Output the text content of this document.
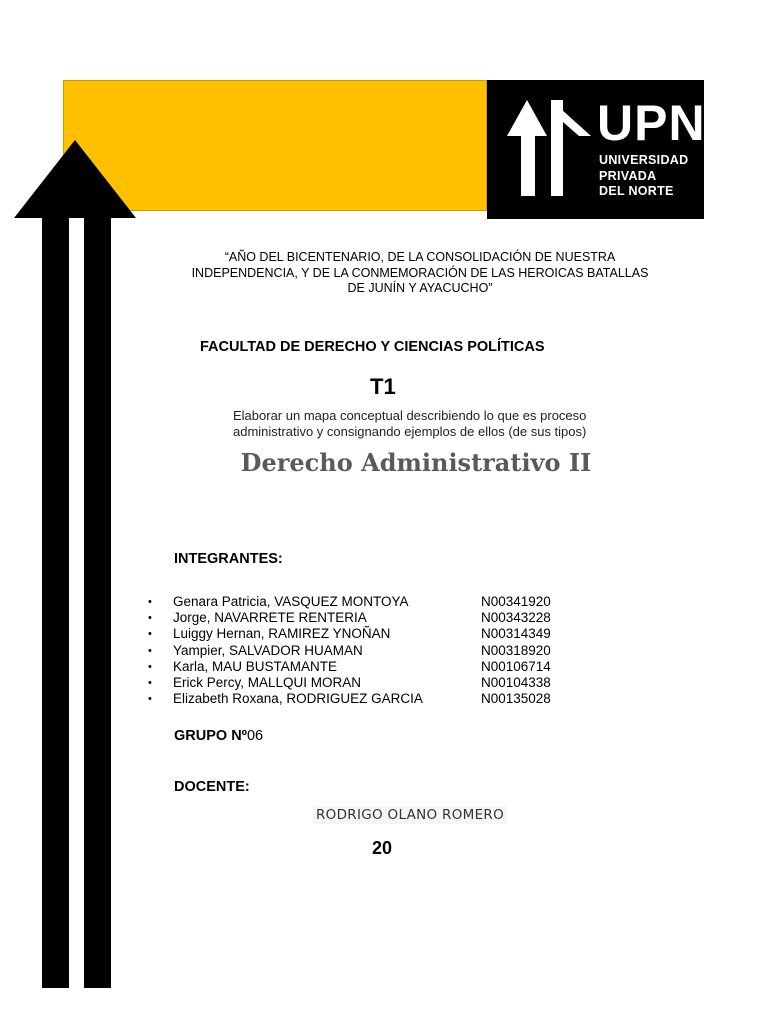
UPN
UNIVERSIDAD
PRIVADA
DEL NORTE
“AÑO DEL BICENTENARIO, DE LA CONSOLIDACIÓN DE NUESTRA
INDEPENDENCIA, Y DE LA CONMEMORACIÓN DE LAS HEROICAS BATALLAS
DE JUNÍN Y AYACUCHO”
FACULTAD DE DERECHO Y CIENCIAS POLÍTICAS
T1
Elaborar un mapa conceptual describiendo lo que es proceso
administrativo y consignando ejemplos de ellos (de sus tipos)
Derecho Administrativo II
INTEGRANTES:
• Genara Patricia, VASQUEZ MONTOYA	N00341920
• Jorge, NAVARRETE RENTERIA	N00343228
• Luiggy Hernan, RAMIREZ YNOÑAN	N00314349
• Yampier, SALVADOR HUAMAN	N00318920
• Karla, MAU BUSTAMANTE	N00106714
• Erick Percy, MALLQUI MORAN	N00104338
• Elizabeth Roxana, RODRIGUEZ GARCIA	N00135028
GRUPO Nº06
DOCENTE:
RODRIGO OLANO ROMERO
20
